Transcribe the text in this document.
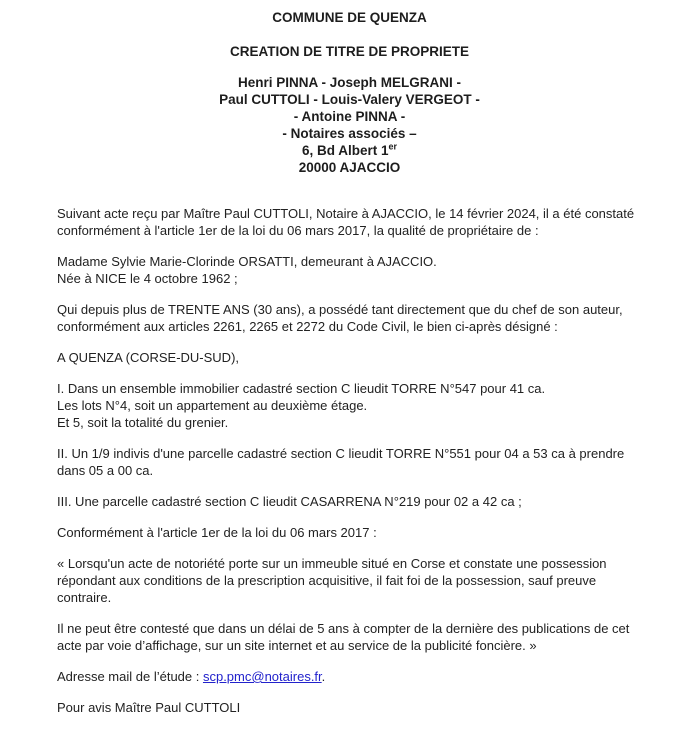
COMMUNE DE QUENZA
CREATION DE TITRE DE PROPRIETE
Henri PINNA - Joseph MELGRANI -
Paul CUTTOLI - Louis-Valery VERGEOT -
- Antoine PINNA -
- Notaires associés –
6, Bd Albert 1er
20000 AJACCIO

Suivant acte reçu par Maître Paul CUTTOLI, Notaire à AJACCIO, le 14 février 2024, il a été constaté
conformément à l'article 1er de la loi du 06 mars 2017, la qualité de propriétaire de :

Madame Sylvie Marie-Clorinde ORSATTI, demeurant à AJACCIO.
Née à NICE le 4 octobre 1962 ;

Qui depuis plus de TRENTE ANS (30 ans), a possédé tant directement que du chef de son auteur,
conformément aux articles 2261, 2265 et 2272 du Code Civil, le bien ci-après désigné :

A QUENZA (CORSE-DU-SUD),

I. Dans un ensemble immobilier cadastré section C lieudit TORRE N°547 pour 41 ca.
Les lots N°4, soit un appartement au deuxième étage.
Et 5, soit la totalité du grenier.

II. Un 1/9 indivis d'une parcelle cadastré section C lieudit TORRE N°551 pour 04 a 53 ca à prendre
dans 05 a 00 ca.

III. Une parcelle cadastré section C lieudit CASARRENA N°219 pour 02 a 42 ca ;

Conformément à l'article 1er de la loi du 06 mars 2017 :

« Lorsqu'un acte de notoriété porte sur un immeuble situé en Corse et constate une possession
répondant aux conditions de la prescription acquisitive, il fait foi de la possession, sauf preuve
contraire.

Il ne peut être contesté que dans un délai de 5 ans à compter de la dernière des publications de cet
acte par voie d’affichage, sur un site internet et au service de la publicité foncière. »

Adresse mail de l’étude : scp.pmc@notaires.fr.

Pour avis Maître Paul CUTTOLI
